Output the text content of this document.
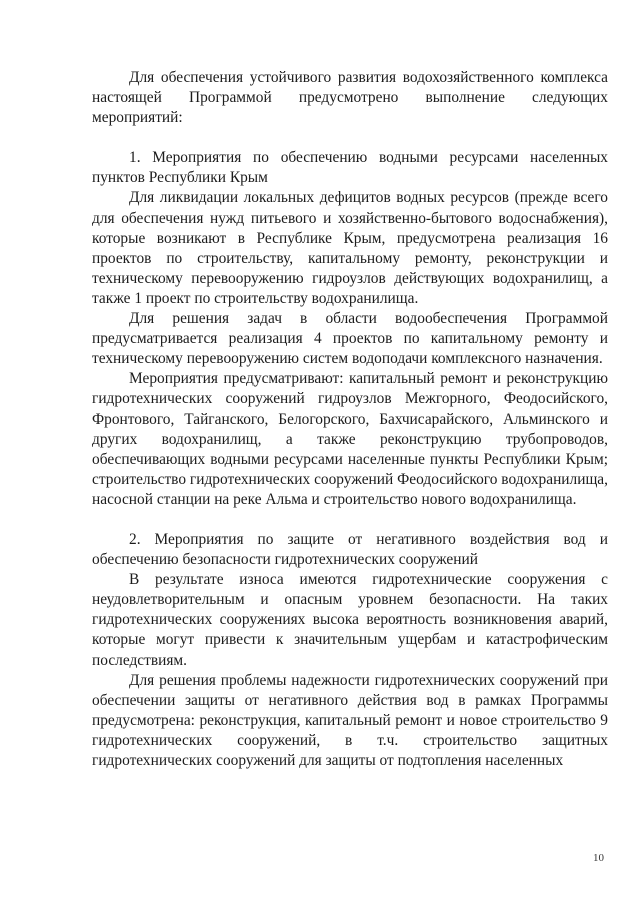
Для обеспечения устойчивого развития водохозяйственного комплекса настоящей Программой предусмотрено выполнение следующих мероприятий:

1. Мероприятия по обеспечению водными ресурсами населенных пунктов Республики Крым

Для ликвидации локальных дефицитов водных ресурсов (прежде всего для обеспечения нужд питьевого и хозяйственно-бытового водоснабжения), которые возникают в Республике Крым, предусмотрена реализация 16 проектов по строительству, капитальному ремонту, реконструкции и техническому перевооружению гидроузлов действующих водохранилищ, а также 1 проект по строительству водохранилища.

Для решения задач в области водообеспечения Программой предусматривается реализация 4 проектов по капитальному ремонту и техническому перевооружению систем водоподачи комплексного назначения.

Мероприятия предусматривают: капитальный ремонт и реконструкцию гидротехнических сооружений гидроузлов Межгорного, Феодосийского, Фронтового, Тайганского, Белогорского, Бахчисарайского, Альминского и других водохранилищ, а также реконструкцию трубопроводов, обеспечивающих водными ресурсами населенные пункты Республики Крым; строительство гидротехнических сооружений Феодосийского водохранилища, насосной станции на реке Альма и строительство нового водохранилища.

2. Мероприятия по защите от негативного воздействия вод и обеспечению безопасности гидротехнических сооружений

В результате износа имеются гидротехнические сооружения с неудовлетворительным и опасным уровнем безопасности. На таких гидротехнических сооружениях высока вероятность возникновения аварий, которые могут привести к значительным ущербам и катастрофическим последствиям.

Для решения проблемы надежности гидротехнических сооружений при обеспечении защиты от негативного действия вод в рамках Программы предусмотрена: реконструкция, капитальный ремонт и новое строительство 9 гидротехнических сооружений, в т.ч. строительство защитных гидротехнических сооружений для защиты от подтопления населенных

10
